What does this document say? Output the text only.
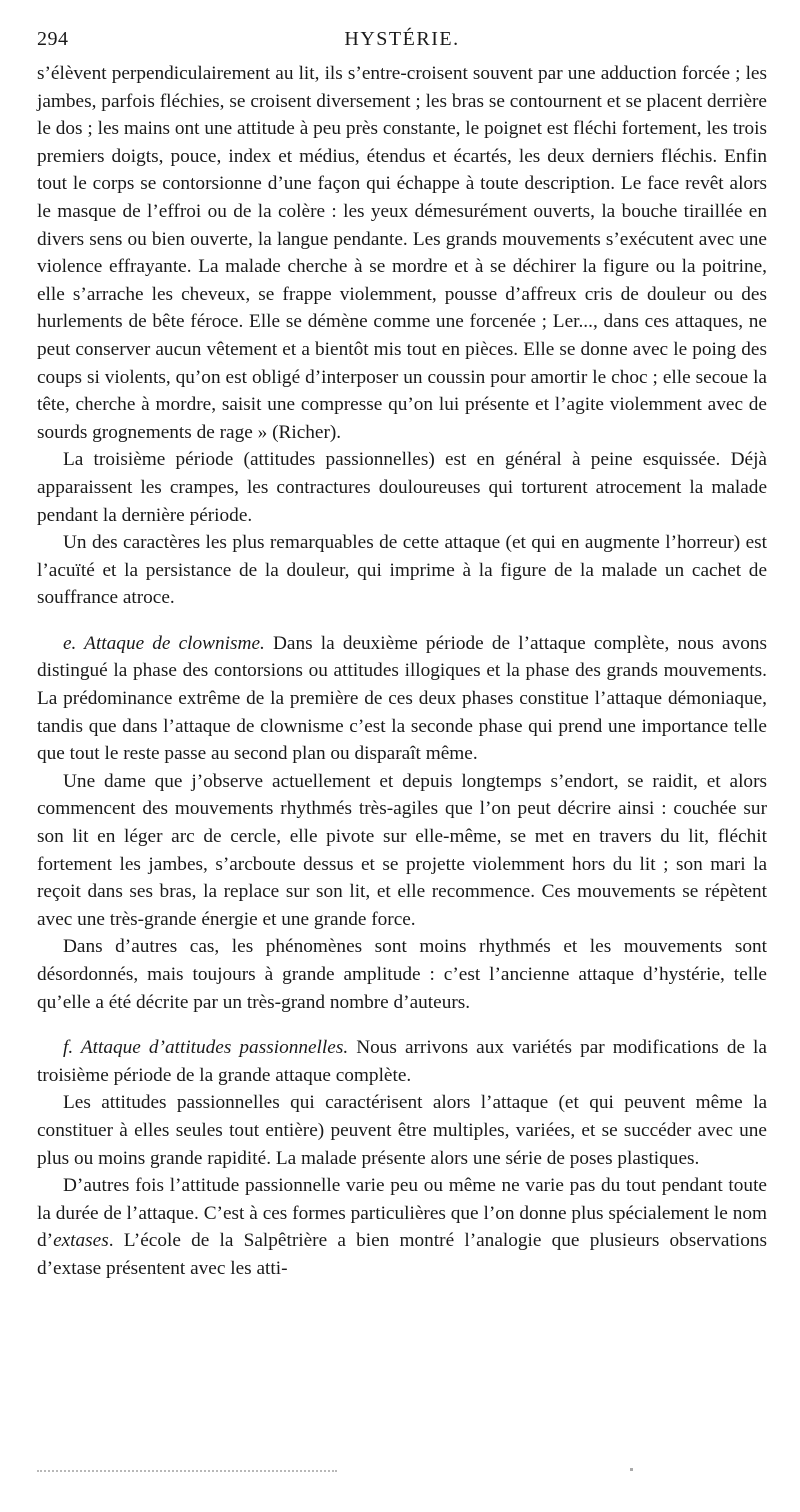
294	HYSTÉRIE.

s’élèvent perpendiculairement au lit, ils s’entre-croisent souvent par une adduction forcée ; les jambes, parfois fléchies, se croisent diversement ; les bras se contournent et se placent derrière le dos ; les mains ont une attitude à peu près constante, le poignet est fléchi fortement, les trois premiers doigts, pouce, index et médius, étendus et écartés, les deux derniers fléchis. Enfin tout le corps se contorsionne d’une façon qui échappe à toute description. Le face revêt alors le masque de l’effroi ou de la colère : les yeux démesurément ouverts, la bouche tiraillée en divers sens ou bien ouverte, la langue pendante. Les grands mouvements s’exécutent avec une violence effrayante. La malade cherche à se mordre et à se déchirer la figure ou la poitrine, elle s’arrache les cheveux, se frappe violemment, pousse d’affreux cris de douleur ou des hurlements de bête féroce. Elle se démène comme une forcenée ; Ler..., dans ces attaques, ne peut conserver aucun vêtement et a bientôt mis tout en pièces. Elle se donne avec le poing des coups si violents, qu’on est obligé d’interposer un coussin pour amortir le choc ; elle secoue la tête, cherche à mordre, saisit une compresse qu’on lui présente et l’agite violemment avec de sourds grognements de rage » (Richer).

La troisième période (attitudes passionnelles) est en général à peine esquissée. Déjà apparaissent les crampes, les contractures douloureuses qui torturent atrocement la malade pendant la dernière période.

Un des caractères les plus remarquables de cette attaque (et qui en augmente l’horreur) est l’acuïté et la persistance de la douleur, qui imprime à la figure de la malade un cachet de souffrance atroce.

e. Attaque de clownisme. Dans la deuxième période de l’attaque complète, nous avons distingué la phase des contorsions ou attitudes illogiques et la phase des grands mouvements. La prédominance extrême de la première de ces deux phases constitue l’attaque démoniaque, tandis que dans l’attaque de clownisme c’est la seconde phase qui prend une importance telle que tout le reste passe au second plan ou disparaît même.

Une dame que j’observe actuellement et depuis longtemps s’endort, se raidit, et alors commencent des mouvements rhythmés très-agiles que l’on peut décrire ainsi : couchée sur son lit en léger arc de cercle, elle pivote sur elle-même, se met en travers du lit, fléchit fortement les jambes, s’arcboute dessus et se projette violemment hors du lit ; son mari la reçoit dans ses bras, la replace sur son lit, et elle recommence. Ces mouvements se répètent avec une très-grande énergie et une grande force.

Dans d’autres cas, les phénomènes sont moins rhythmés et les mouvements sont désordonnés, mais toujours à grande amplitude : c’est l’ancienne attaque d’hystérie, telle qu’elle a été décrite par un très-grand nombre d’auteurs.

f. Attaque d’attitudes passionnelles. Nous arrivons aux variétés par modifications de la troisième période de la grande attaque complète.

Les attitudes passionnelles qui caractérisent alors l’attaque (et qui peuvent même la constituer à elles seules tout entière) peuvent être multiples, variées, et se succéder avec une plus ou moins grande rapidité. La malade présente alors une série de poses plastiques.

D’autres fois l’attitude passionnelle varie peu ou même ne varie pas du tout pendant toute la durée de l’attaque. C’est à ces formes particulières que l’on donne plus spécialement le nom d’extases. L’école de la Salpêtrière a bien montré l’analogie que plusieurs observations d’extase présentent avec les atti-
